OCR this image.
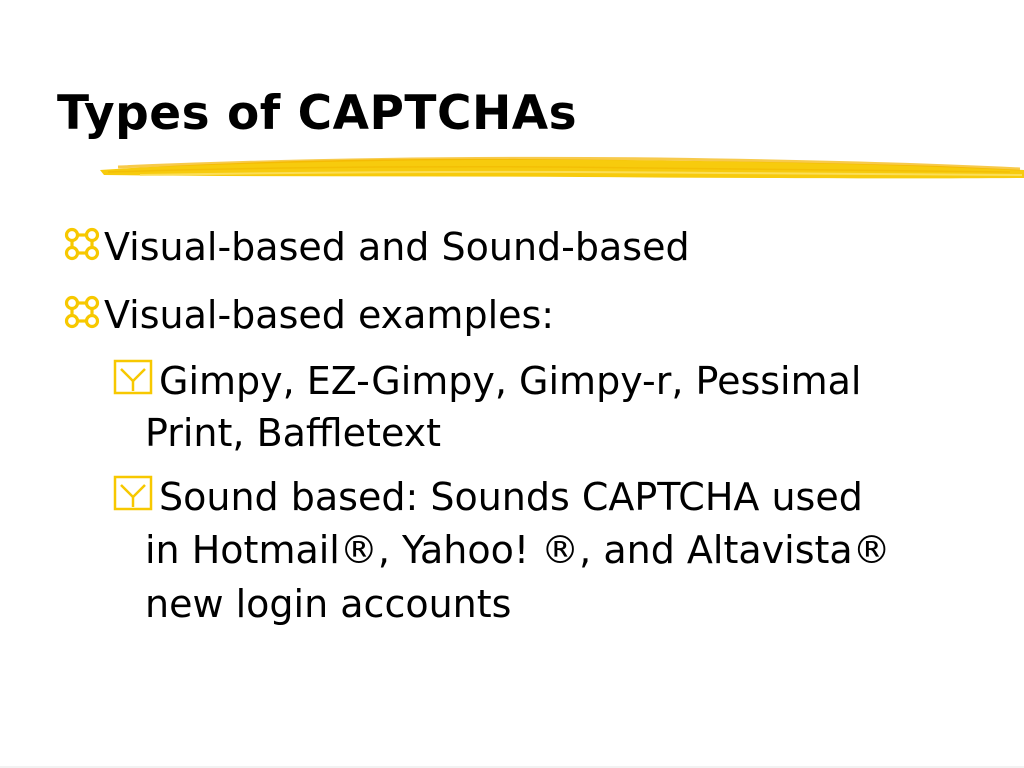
Types of CAPTCHAs
Visual-based and Sound-based
Visual-based examples:
Gimpy, EZ-Gimpy, Gimpy-r, Pessimal
Print, Baffletext
Sound based: Sounds CAPTCHA used
in Hotmail®, Yahoo! ®, and Altavista®
new login accounts
